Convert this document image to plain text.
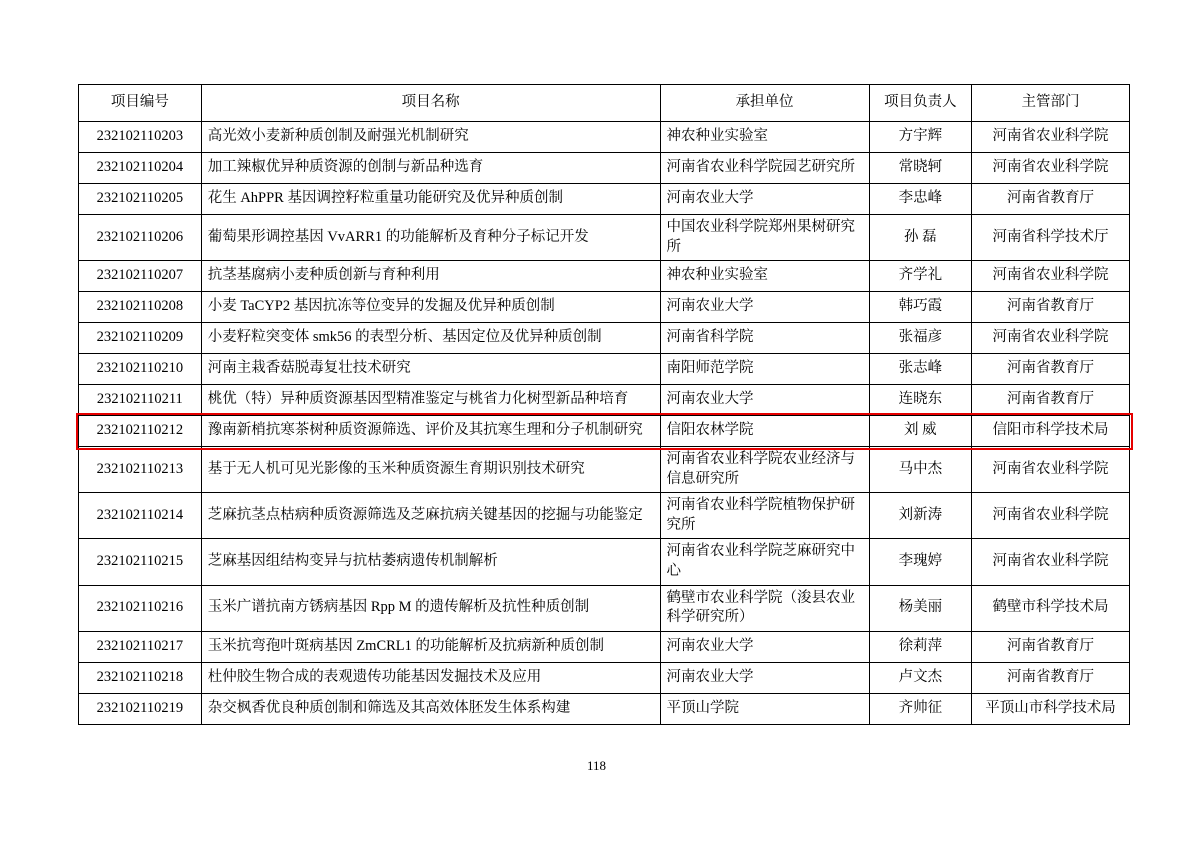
项目编号	项目名称	承担单位	项目负责人	主管部门
232102110203	高光效小麦新种质创制及耐强光机制研究	神农种业实验室	方宇辉	河南省农业科学院
232102110204	加工辣椒优异种质资源的创制与新品种选育	河南省农业科学院园艺研究所	常晓轲	河南省农业科学院
232102110205	花生 AhPPR 基因调控籽粒重量功能研究及优异种质创制	河南农业大学	李忠峰	河南省教育厅
232102110206	葡萄果形调控基因 VvARR1 的功能解析及育种分子标记开发	中国农业科学院郑州果树研究所	孙 磊	河南省科学技术厅
232102110207	抗茎基腐病小麦种质创新与育种利用	神农种业实验室	齐学礼	河南省农业科学院
232102110208	小麦 TaCYP2 基因抗冻等位变异的发掘及优异种质创制	河南农业大学	韩巧霞	河南省教育厅
232102110209	小麦籽粒突变体 smk56 的表型分析、基因定位及优异种质创制	河南省科学院	张福彦	河南省农业科学院
232102110210	河南主栽香菇脱毒复壮技术研究	南阳师范学院	张志峰	河南省教育厅
232102110211	桃优（特）异种质资源基因型精准鉴定与桃省力化树型新品种培育	河南农业大学	连晓东	河南省教育厅
232102110212	豫南新梢抗寒茶树种质资源筛选、评价及其抗寒生理和分子机制研究	信阳农林学院	刘 威	信阳市科学技术局
232102110213	基于无人机可见光影像的玉米种质资源生育期识别技术研究	河南省农业科学院农业经济与信息研究所	马中杰	河南省农业科学院
232102110214	芝麻抗茎点枯病种质资源筛选及芝麻抗病关键基因的挖掘与功能鉴定	河南省农业科学院植物保护研究所	刘新涛	河南省农业科学院
232102110215	芝麻基因组结构变异与抗枯萎病遗传机制解析	河南省农业科学院芝麻研究中心	李瑰婷	河南省农业科学院
232102110216	玉米广谱抗南方锈病基因 Rpp M 的遗传解析及抗性种质创制	鹤壁市农业科学院（浚县农业科学研究所）	杨美丽	鹤壁市科学技术局
232102110217	玉米抗弯孢叶斑病基因 ZmCRL1 的功能解析及抗病新种质创制	河南农业大学	徐莉萍	河南省教育厅
232102110218	杜仲胶生物合成的表观遗传功能基因发掘技术及应用	河南农业大学	卢文杰	河南省教育厅
232102110219	杂交枫香优良种质创制和筛选及其高效体胚发生体系构建	平顶山学院	齐帅征	平顶山市科学技术局
118
